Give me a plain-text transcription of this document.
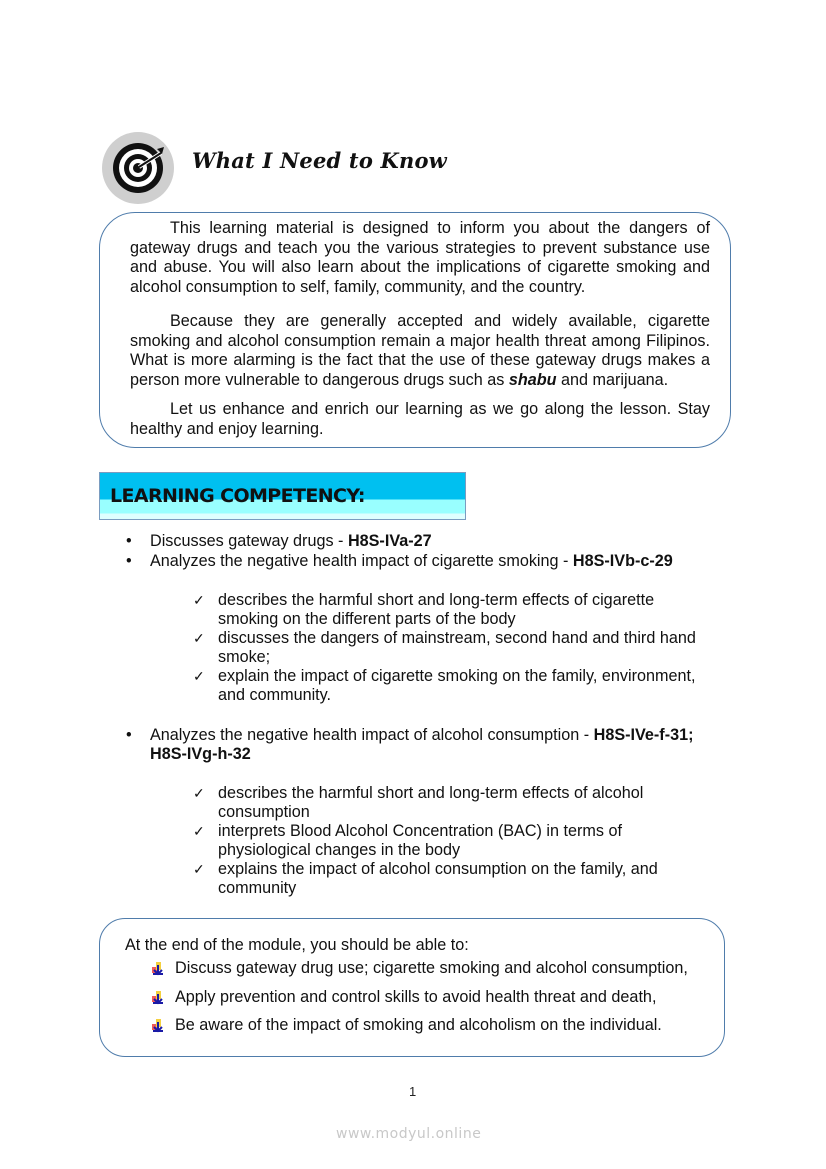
What I Need to Know

This learning material is designed to inform you about the dangers of gateway drugs and teach you the various strategies to prevent substance use and abuse. You will also learn about the implications of cigarette smoking and alcohol consumption to self, family, community, and the country.

Because they are generally accepted and widely available, cigarette smoking and alcohol consumption remain a major health threat among Filipinos. What is more alarming is the fact that the use of these gateway drugs makes a person more vulnerable to dangerous drugs such as shabu and marijuana.

Let us enhance and enrich our learning as we go along the lesson. Stay healthy and enjoy learning.

LEARNING COMPETENCY:
• Discusses gateway drugs - H8S-IVa-27
• Analyzes the negative health impact of cigarette smoking - H8S-IVb-c-29
✓ describes the harmful short and long-term effects of cigarette smoking on the different parts of the body
✓ discusses the dangers of mainstream, second hand and third hand smoke;
✓ explain the impact of cigarette smoking on the family, environment, and community.
• Analyzes the negative health impact of alcohol consumption - H8S-IVe-f-31;
H8S-IVg-h-32
✓ describes the harmful short and long-term effects of alcohol consumption
✓ interprets Blood Alcohol Concentration (BAC) in terms of physiological changes in the body
✓ explains the impact of alcohol consumption on the family, and community
At the end of the module, you should be able to:
Discuss gateway drug use; cigarette smoking and alcohol consumption,
Apply prevention and control skills to avoid health threat and death,
Be aware of the impact of smoking and alcoholism on the individual.
1
www.modyul.online
